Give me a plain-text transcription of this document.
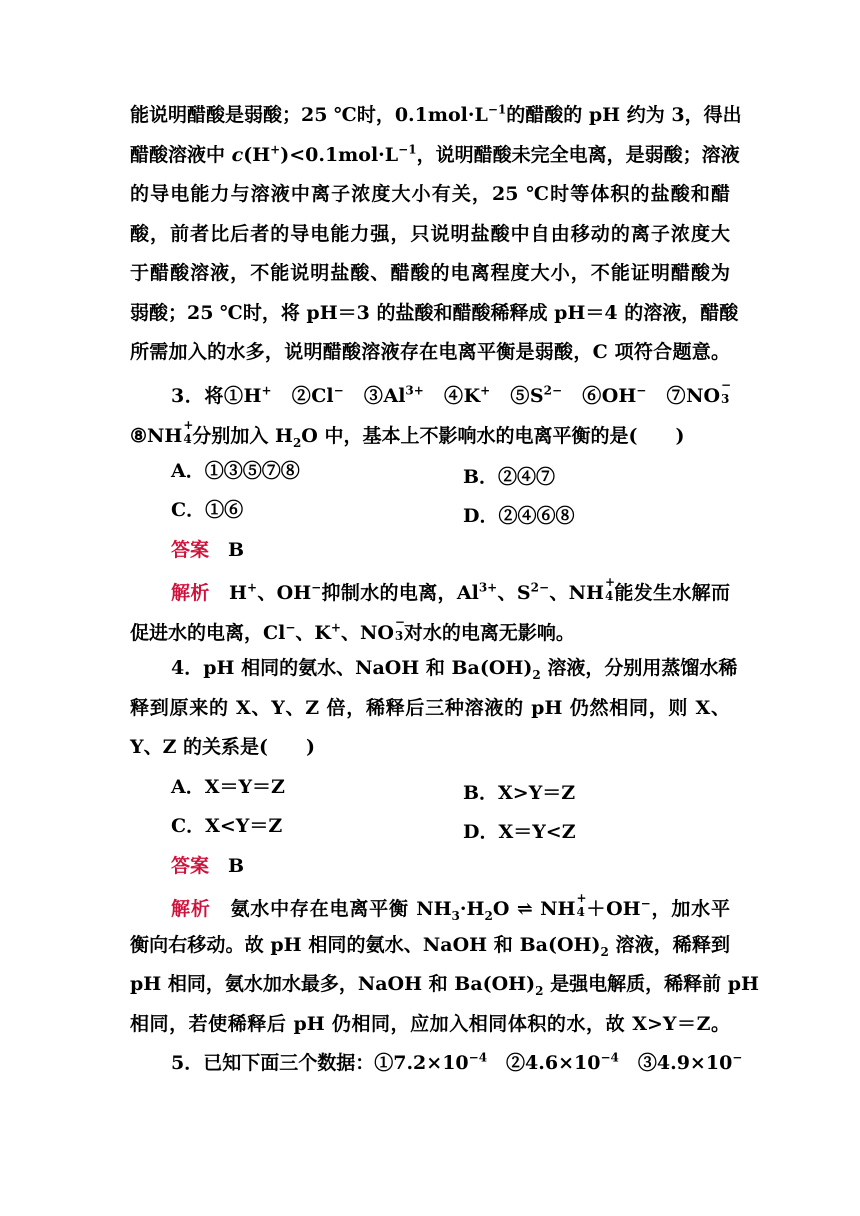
能说明醋酸是弱酸；25 ℃时，$0.1mol\cdot L^{-1}$的醋酸的 pH 约为 3，得出
醋酸溶液中 $c(H^+)<0.1mol\cdot L^{-1}$，说明醋酸未完全电离，是弱酸；溶液
的导电能力与溶液中离子浓度大小有关，25 ℃时等体积的盐酸和醋
酸，前者比后者的导电能力强，只说明盐酸中自由移动的离子浓度大
于醋酸溶液，不能说明盐酸、醋酸的电离程度大小，不能证明醋酸为
弱酸；25 ℃时，将 pH＝3 的盐酸和醋酸稀释成 pH＝4 的溶液，醋酸
所需加入的水多，说明醋酸溶液存在电离平衡是弱酸，C 项符合题意。
3．将①H+　②Cl−　$③Al^{3+}$　④K+　$⑤S^{2-}$　⑥OH−　⑦NO −
3
⑧NH +
4 分别加入 $H_2O$ 中，基本上不影响水的电离平衡的是(　　)
A．①③⑤⑦⑧	B．②④⑦
C．①⑥	D．②④⑥⑧
答案　 B
解析　H+、OH−抑制水的电离，$Al^{3+}$、$S^{2-}$、NH +
4 能发生水解而
促进水的电离，Cl−、K+、NO −
3 对水的电离无影响。
4．pH 相同的氨水、NaOH 和 $Ba(OH)_2$ 溶液，分别用蒸馏水稀
释到原来的 X、Y、Z 倍，稀释后三种溶液的 pH 仍然相同，则 X、
Y、Z 的关系是(　　)
A．X＝Y＝Z	B．X>Y＝Z
C．X<Y＝Z	D．X＝Y<Z
答案　 B
解析　氨水中存在电离平衡 $NH_3\cdot H_2O$ ⇌ NH +
4 ＋OH−，加水平
衡向右移动。故 pH 相同的氨水、NaOH 和 $Ba(OH)_2$ 溶液，稀释到
pH 相同，氨水加水最多，NaOH 和 $Ba(OH)_2$ 是强电解质，稀释前 pH
相同，若使稀释后 pH 仍相同，应加入相同体积的水，故 X>Y＝Z。
5．已知下面三个数据：$①7.2\times 10^{-4}$　$②4.6\times 10^{-4}$　③4.9×10−
